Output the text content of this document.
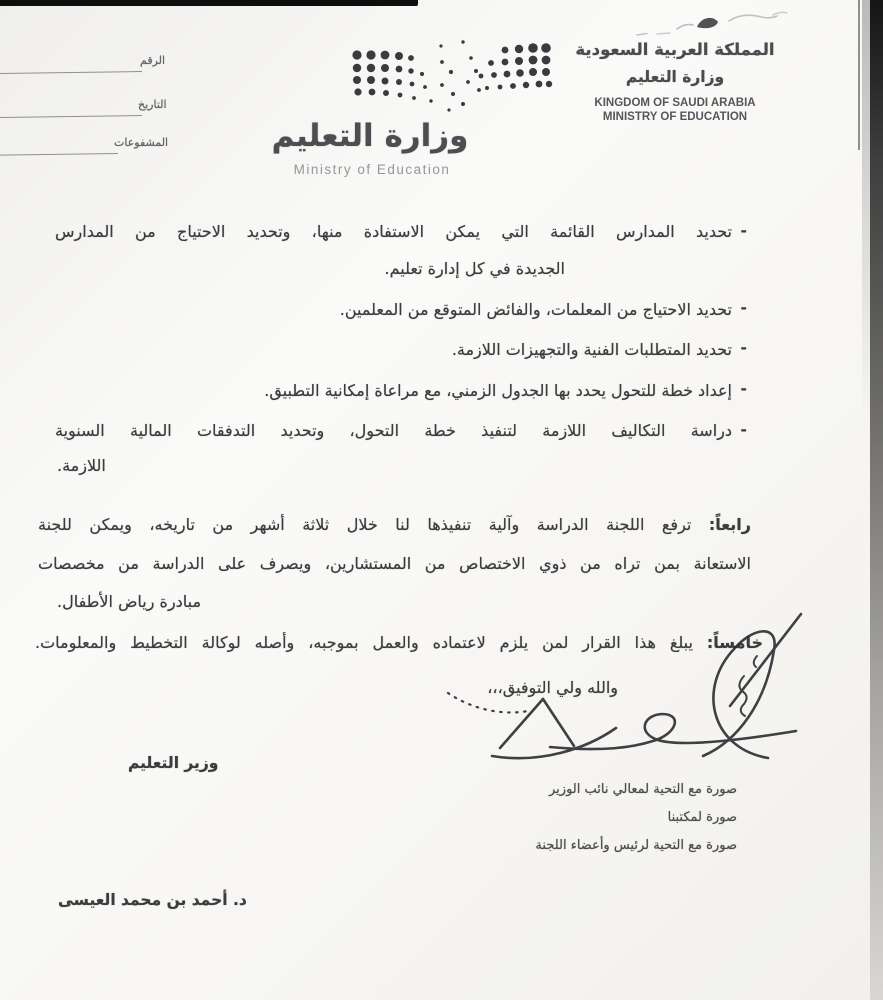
الرقم
التاريخ
المشفوعات	وزارة التعليم
Ministry of Education
المملكة العربية السعودية
وزارة التعليم
KINGDOM OF SAUDI ARABIA
MINISTRY OF EDUCATION
-
تحديد المدارس القائمة التي يمكن الاستفادة منها، وتحديد الاحتياج من المدارس
الجديدة في كل إدارة تعليم.
-
تحديد الاحتياج من المعلمات، والفائض المتوقع من المعلمين.
-
تحديد المتطلبات الفنية والتجهيزات اللازمة.
-
إعداد خطة للتحول يحدد بها الجدول الزمني، مع مراعاة إمكانية التطبيق.
-
دراسة التكاليف اللازمة لتنفيذ خطة التحول، وتحديد التدفقات المالية السنوية
اللازمة.
رابعاً: ترفع اللجنة الدراسة وآلية تنفيذها لنا خلال ثلاثة أشهر من تاريخه، ويمكن للجنة
الاستعانة بمن تراه من ذوي الاختصاص من المستشارين، ويصرف على الدراسة من مخصصات
مبادرة رياض الأطفال.
خامساً: يبلغ هذا القرار لمن يلزم لاعتماده والعمل بموجبه، وأصله لوكالة التخطيط والمعلومات.
والله ولي التوفيق،،،
وزير التعليم
صورة مع التحية لمعالي نائب الوزير
صورة لمكتبنا
صورة مع التحية لرئيس وأعضاء اللجنة
د. أحمد بن محمد العيسى
